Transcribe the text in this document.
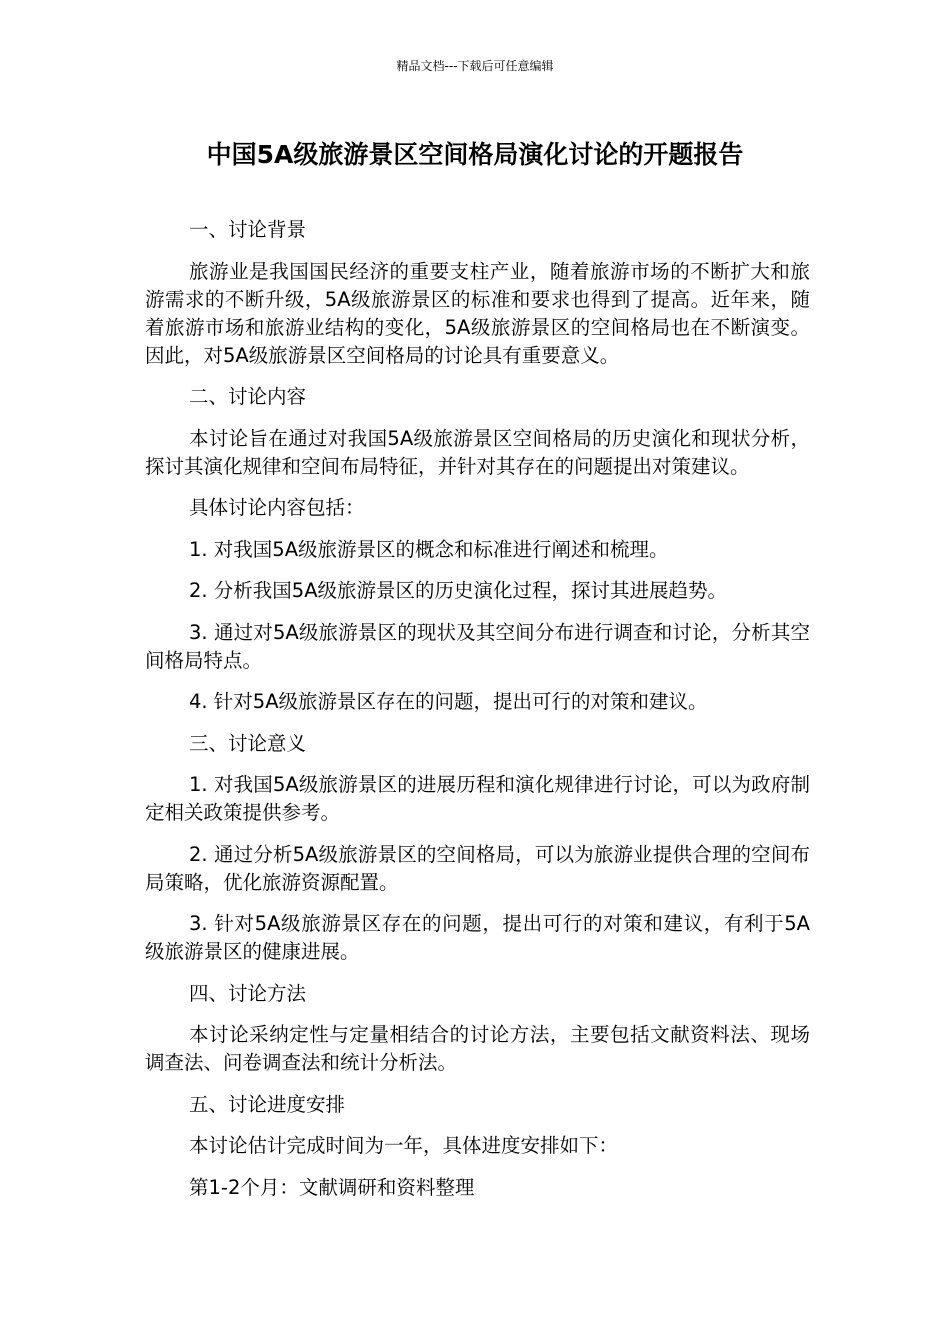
精品文档---下载后可任意编辑
中国5A级旅游景区空间格局演化讨论的开题报告

一、讨论背景

旅游业是我国国民经济的重要支柱产业，随着旅游市场的不断扩大和旅游需求的不断升级，5A级旅游景区的标准和要求也得到了提高。近年来，随着旅游市场和旅游业结构的变化，5A级旅游景区的空间格局也在不断演变。因此，对5A级旅游景区空间格局的讨论具有重要意义。

二、讨论内容

本讨论旨在通过对我国5A级旅游景区空间格局的历史演化和现状分析，探讨其演化规律和空间布局特征，并针对其存在的问题提出对策建议。

具体讨论内容包括：

1. 对我国5A级旅游景区的概念和标准进行阐述和梳理。

2. 分析我国5A级旅游景区的历史演化过程，探讨其进展趋势。

3. 通过对5A级旅游景区的现状及其空间分布进行调查和讨论，分析其空间格局特点。

4. 针对5A级旅游景区存在的问题，提出可行的对策和建议。

三、讨论意义

1. 对我国5A级旅游景区的进展历程和演化规律进行讨论，可以为政府制定相关政策提供参考。

2. 通过分析5A级旅游景区的空间格局，可以为旅游业提供合理的空间布局策略，优化旅游资源配置。

3. 针对5A级旅游景区存在的问题，提出可行的对策和建议，有利于5A级旅游景区的健康进展。

四、讨论方法

本讨论采纳定性与定量相结合的讨论方法，主要包括文献资料法、现场调查法、问卷调查法和统计分析法。

五、讨论进度安排

本讨论估计完成时间为一年，具体进度安排如下：

第1-2个月：文献调研和资料整理
